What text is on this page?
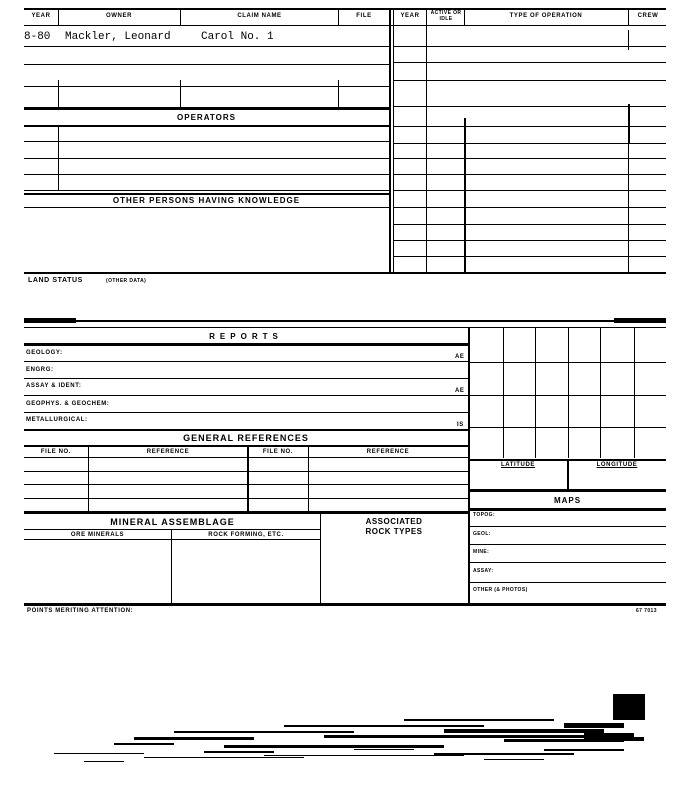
YEAR	OWNER	CLAIM NAME	FILE	YEAR	ACTIVE OR IDLE	TYPE OF OPERATION	CREW
8-80 Mackler, Leonard	Carol No. 1
OPERATORS
OTHER PERSONS HAVING KNOWLEDGE
LAND STATUS	(OTHER DATA)
REPORTS
GEOLOGY:
AE
ENGRG:
ASSAY & IDENT:
AE
GEOPHYS. & GEOCHEM:
METALLURGICAL:
IS
GENERAL REFERENCES
FILE NO.	REFERENCE	FILE NO.	REFERENCE
MINERAL ASSEMBLAGE	ASSOCIATED ROCK TYPES
ORE MINERALS	ROCK FORMING, ETC.
LATITUDE	LONGITUDE
MAPS
TOPOG:
GEOL:
MINE:
ASSAY:
OTHER (& PHOTOS)
POINTS MERITING ATTENTION:	67 7013
